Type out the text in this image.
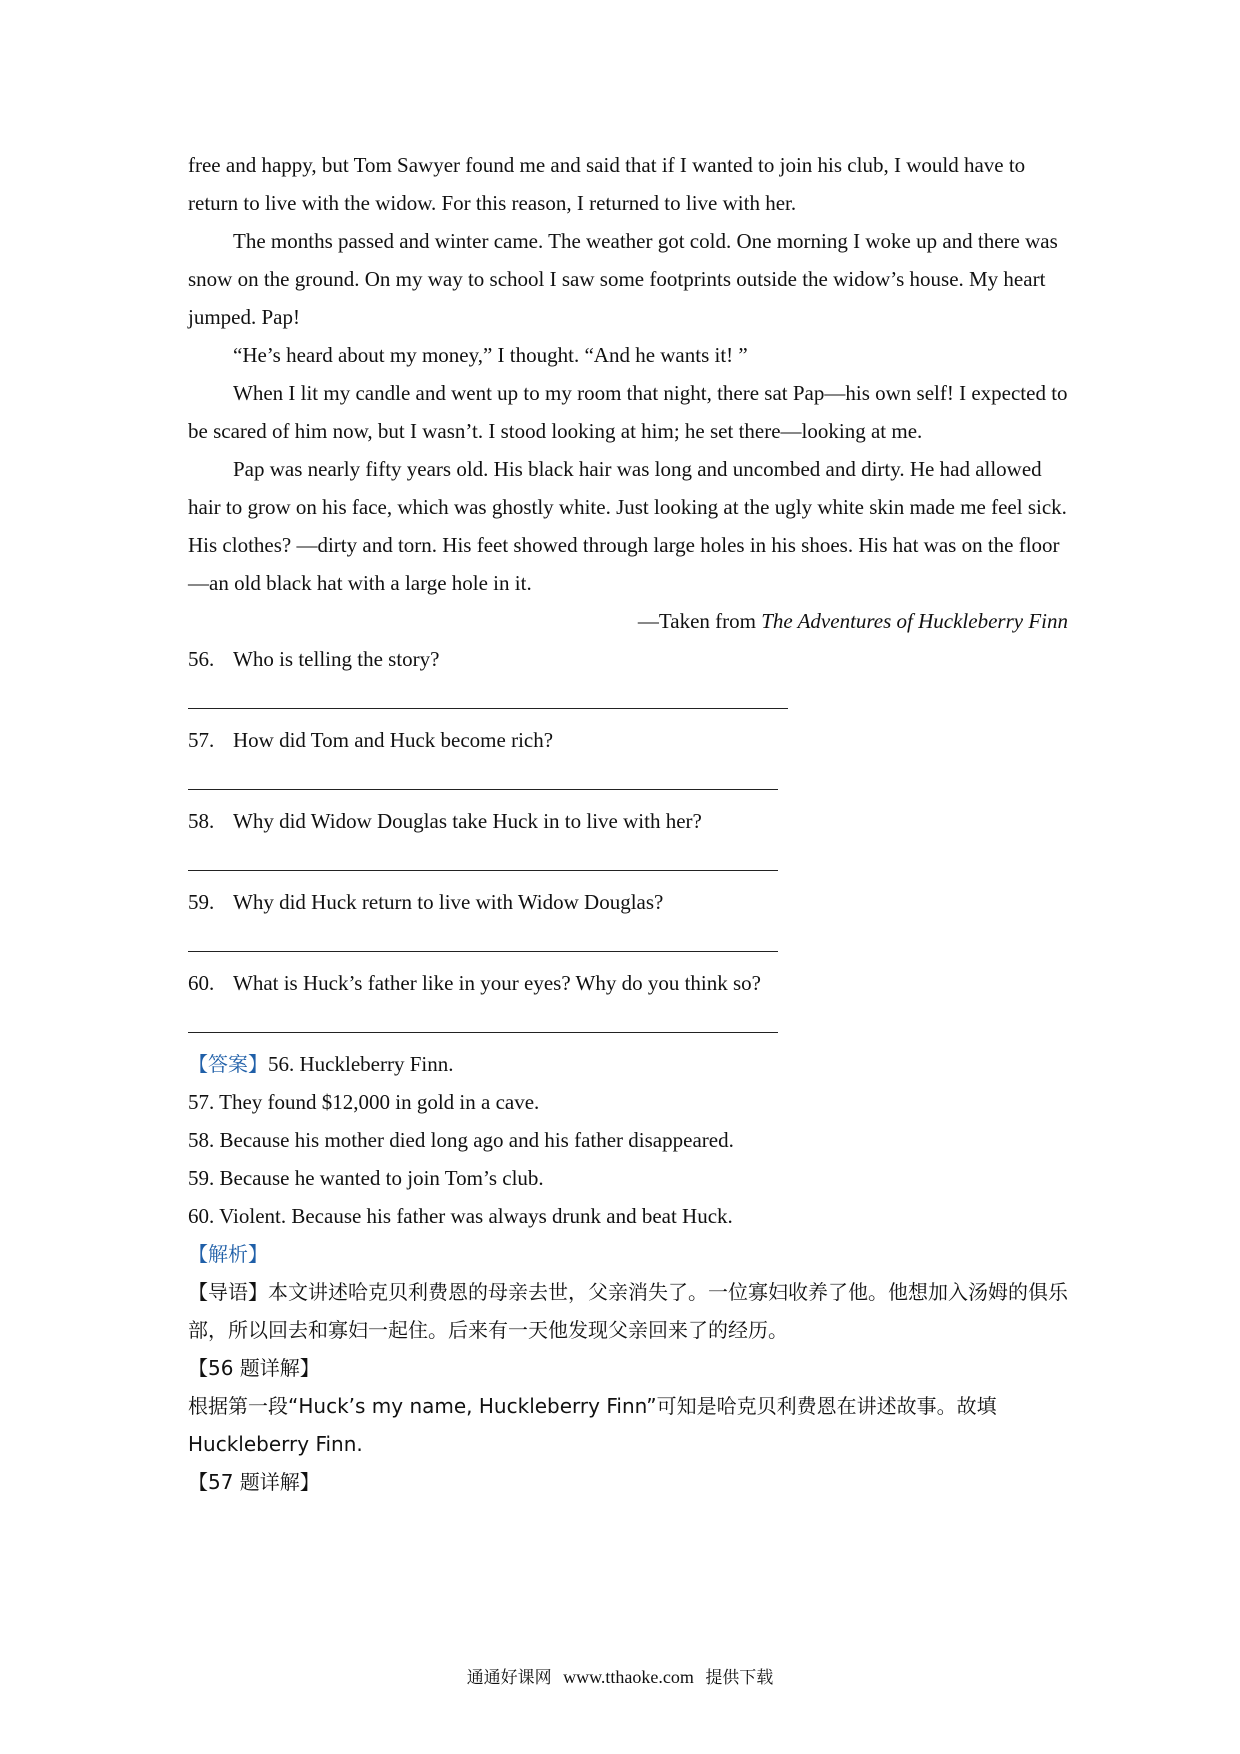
free and happy, but Tom Sawyer found me and said that if I wanted to join his club, I would have to return to live with the widow. For this reason, I returned to live with her.

The months passed and winter came. The weather got cold. One morning I woke up and there was snow on the ground. On my way to school I saw some footprints outside the widow’s house. My heart jumped. Pap!

“He’s heard about my money,” I thought. “And he wants it! ”

When I lit my candle and went up to my room that night, there sat Pap—his own self! I expected to be scared of him now, but I wasn’t. I stood looking at him; he set there—looking at me.

Pap was nearly fifty years old. His black hair was long and uncombed and dirty. He had allowed hair to grow on his face, which was ghostly white. Just looking at the ugly white skin made me feel sick. His clothes? —dirty and torn. His feet showed through large holes in his shoes. His hat was on the floor—an old black hat with a large hole in it.

—Taken from The Adventures of Huckleberry Finn

56. Who is telling the story?

57. How did Tom and Huck become rich?

58. Why did Widow Douglas take Huck in to live with her?

59. Why did Huck return to live with Widow Douglas?

60. What is Huck’s father like in your eyes? Why do you think so?

【答案】56. Huckleberry Finn.

57. They found $12,000 in gold in a cave.

58. Because his mother died long ago and his father disappeared.

59. Because he wanted to join Tom’s club.

60. Violent. Because his father was always drunk and beat Huck.

【解析】

【导语】本文讲述哈克贝利费恩的母亲去世，父亲消失了。一位寡妇收养了他。他想加入汤姆的俱乐部，所以回去和寡妇一起住。后来有一天他发现父亲回来了的经历。

【56 题详解】

根据第一段“Huck’s my name, Huckleberry Finn”可知是哈克贝利费恩在讲述故事。故填 Huckleberry Finn.

【57 题详解】

通通好课网 www.tthaoke.com 提供下载
